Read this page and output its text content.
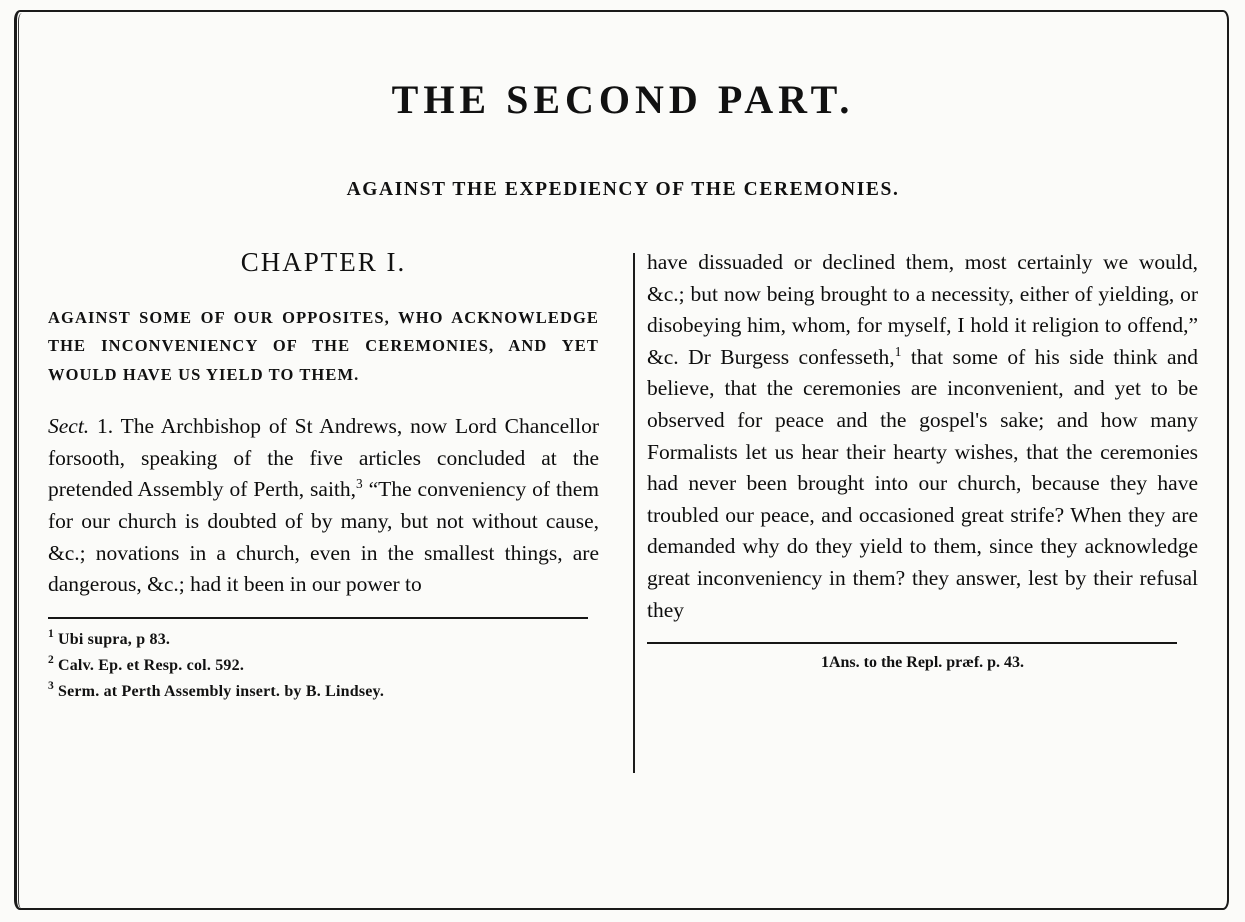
THE SECOND PART.
AGAINST THE EXPEDIENCY OF THE CEREMONIES.
CHAPTER I.
AGAINST SOME OF OUR OPPOSITES, WHO ACKNOWLEDGE THE INCONVENIENCY OF THE CEREMONIES, AND YET WOULD HAVE US YIELD TO THEM.
Sect. 1. The Archbishop of St Andrews, now Lord Chancellor forsooth, speaking of the five articles concluded at the pretended Assembly of Perth, saith,$^3$ “The conveniency of them for our church is doubted of by many, but not without cause, &c.; novations in a church, even in the smallest things, are dangerous, &c.; had it been in our power to
$^1$ Ubi supra, p 83.
$^2$ Calv. Ep. et Resp. col. 592.
$^3$ Serm. at Perth Assembly insert. by B. Lindsey.
have dissuaded or declined them, most certainly we would, &c.; but now being brought to a necessity, either of yielding, or disobeying him, whom, for myself, I hold it religion to offend,” &c. Dr Burgess confesseth,$^1$ that some of his side think and believe, that the ceremonies are inconvenient, and yet to be observed for peace and the gospel's sake; and how many Formalists let us hear their hearty wishes, that the ceremonies had never been brought into our church, because they have troubled our peace, and occasioned great strife? When they are demanded why do they yield to them, since they acknowledge great inconveniency in them? they answer, lest by their refusal they
1Ans. to the Repl. præf. p. 43.
